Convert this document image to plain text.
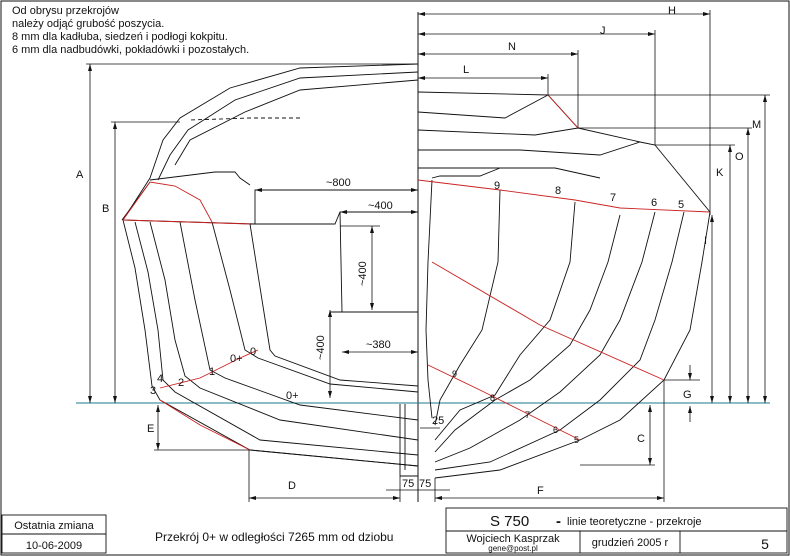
Od obrysu przekrojów
należy odjąć grubość poszycia.
8 mm dla kadłuba, siedzeń i podłogi kokpitu.
6 mm dla nadbudówki, pokładówki i pozostałych.
0
0+
1
2
3
4
0+
9	8
7	6 5
9
8
7
6
5
H
J
N
L
A
B
E
D	F
C
G
I
K
O
M
~800
~400
~400
~400	~380
25
75 75
Przekrój 0+ w odległości 7265 mm od dziobu
Ostatnia zmiana
10-06-2009
S 750 - linie teoretyczne - przekroje
Wojciech Kasprzak
gene@post.pl	grudzień 2005 r	5
